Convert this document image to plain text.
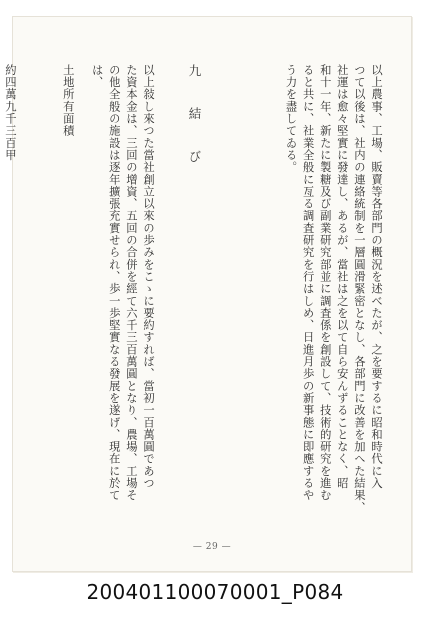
以上農事、工場、販賣等各部門の概況を述べたが、之を要するに昭和時代に入
つて以後は、社内の連絡統制を一層圓滑緊密となし、各部門に改善を加へた結果、
社運は愈々堅實に發達し、あるが、當社は之を以て自ら安んずることなく、昭
和十一年、新たに製糖及び副業研究部並に調査係を創設して、技術的研究を進む
ると共に、社業全般に亙る調査研究を行はしめ、日進月歩の新事態に即應するや
う力を盡してゐる。
九　結　び
以上敍し來つた當社創立以來の歩みをこゝに要約すれば、當初一百萬圓であつ
た資本金は、三回の增資、五回の合併を經て六千三百萬圓となり、農場、工場そ
の他全般の施設は逐年擴張充實せられ、歩一歩堅實なる發展を遂げ、現在に於て
は、
土地所有面積
約四萬九千三百甲
— 29 —
200401100070001_P084
